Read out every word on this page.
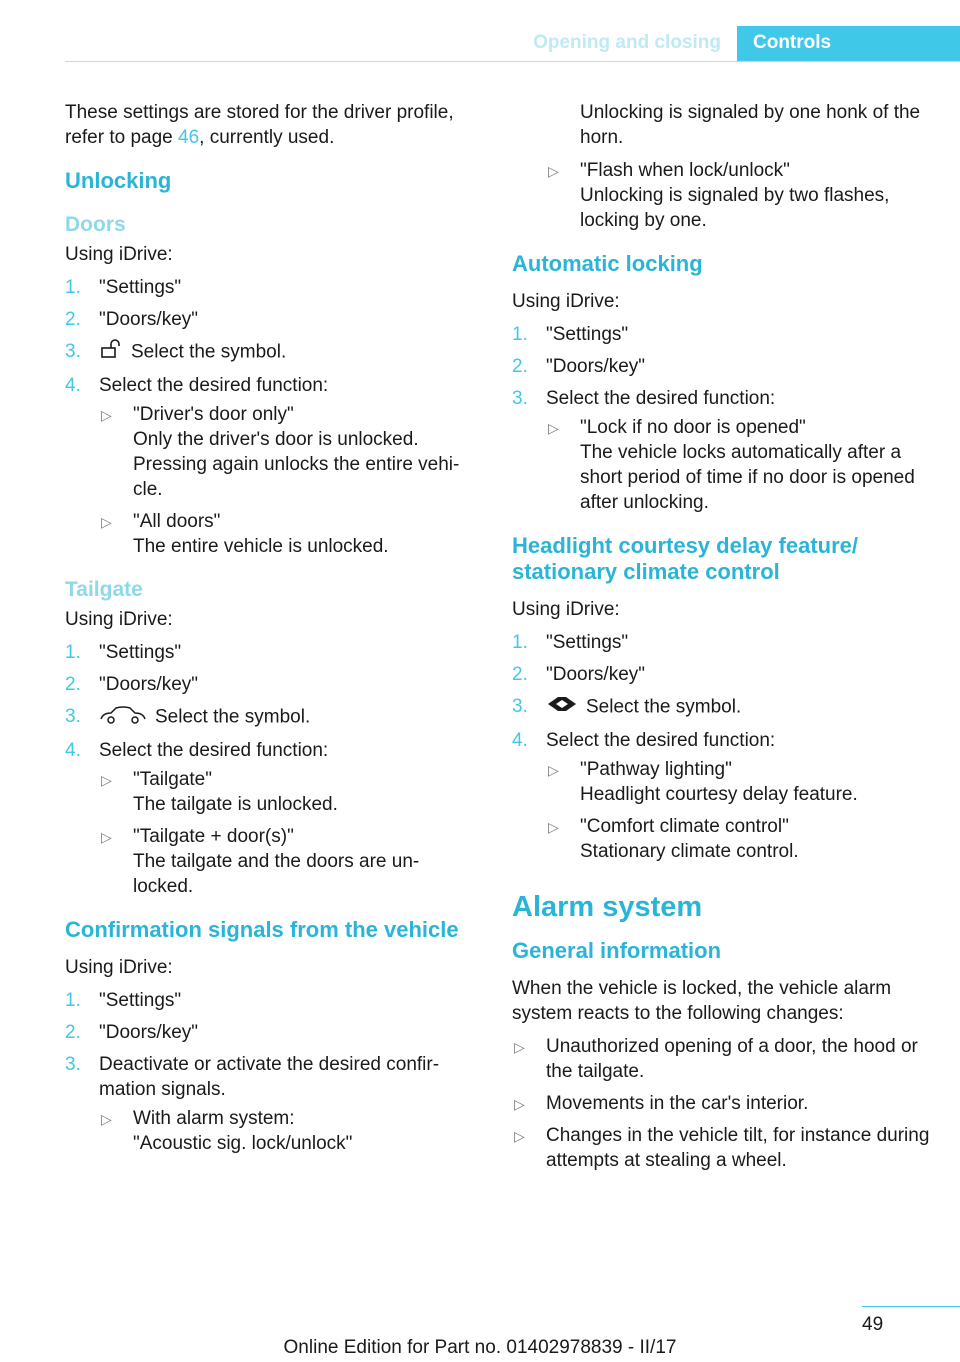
Opening and closing	Controls

These settings are stored for the driver profile, refer to page 46, currently used.

Unlocking
Doors

Using iDrive:

1. "Settings"
2. "Doors/key"
3.	Select the symbol.
4. Select the desired function:
▷ "Driver's door only"
Only the driver's door is unlocked. Pressing again unlocks the entire vehi‐cle.
▷ "All doors"
The entire vehicle is unlocked.
Tailgate

Using iDrive:

1. "Settings"
2. "Doors/key"
3.	Select the symbol.
4. Select the desired function:
▷ "Tailgate"
The tailgate is unlocked.
▷ "Tailgate + door(s)"
The tailgate and the doors are un‐locked.
Confirmation signals from the vehicle

Using iDrive:

1. "Settings"
2. "Doors/key"
3. Deactivate or activate the desired confir‐mation signals.
▷ With alarm system:
"Acoustic sig. lock/unlock"
Unlocking is signaled by one honk of the horn.
▷ "Flash when lock/unlock"
Unlocking is signaled by two flashes, locking by one.
Automatic locking

Using iDrive:

1. "Settings"
2. "Doors/key"
3. Select the desired function:
▷ "Lock if no door is opened"
The vehicle locks automatically after a short period of time if no door is opened after unlocking.
Headlight courtesy delay feature/ stationary climate control

Using iDrive:

1. "Settings"
2. "Doors/key"
3.	Select the symbol.
4. Select the desired function:
▷ "Pathway lighting"
Headlight courtesy delay feature.
▷ "Comfort climate control"
Stationary climate control.
Alarm system
General information

When the vehicle is locked, the vehicle alarm system reacts to the following changes:

▷ Unauthorized opening of a door, the hood or the tailgate.
▷ Movements in the car's interior.
▷ Changes in the vehicle tilt, for instance during attempts at stealing a wheel.
49
Online Edition for Part no. 01402978839 - II/17
